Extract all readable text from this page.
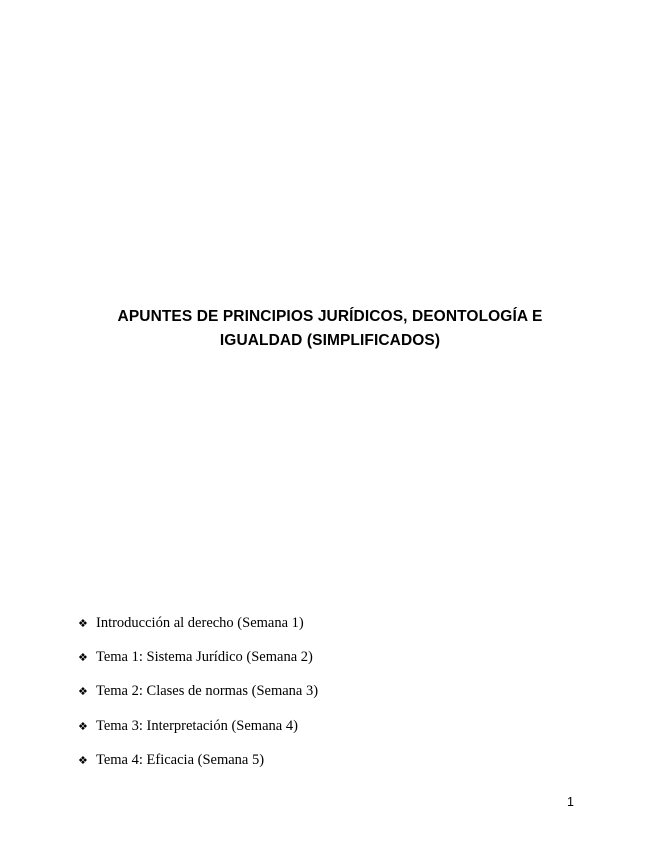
APUNTES DE PRINCIPIOS JURÍDICOS, DEONTOLOGÍA E
IGUALDAD (SIMPLIFICADOS)
❖ Introducción al derecho (Semana 1)
❖ Tema 1: Sistema Jurídico (Semana 2)
❖ Tema 2: Clases de normas (Semana 3)
❖ Tema 3: Interpretación (Semana 4)
❖ Tema 4: Eficacia (Semana 5)
1
